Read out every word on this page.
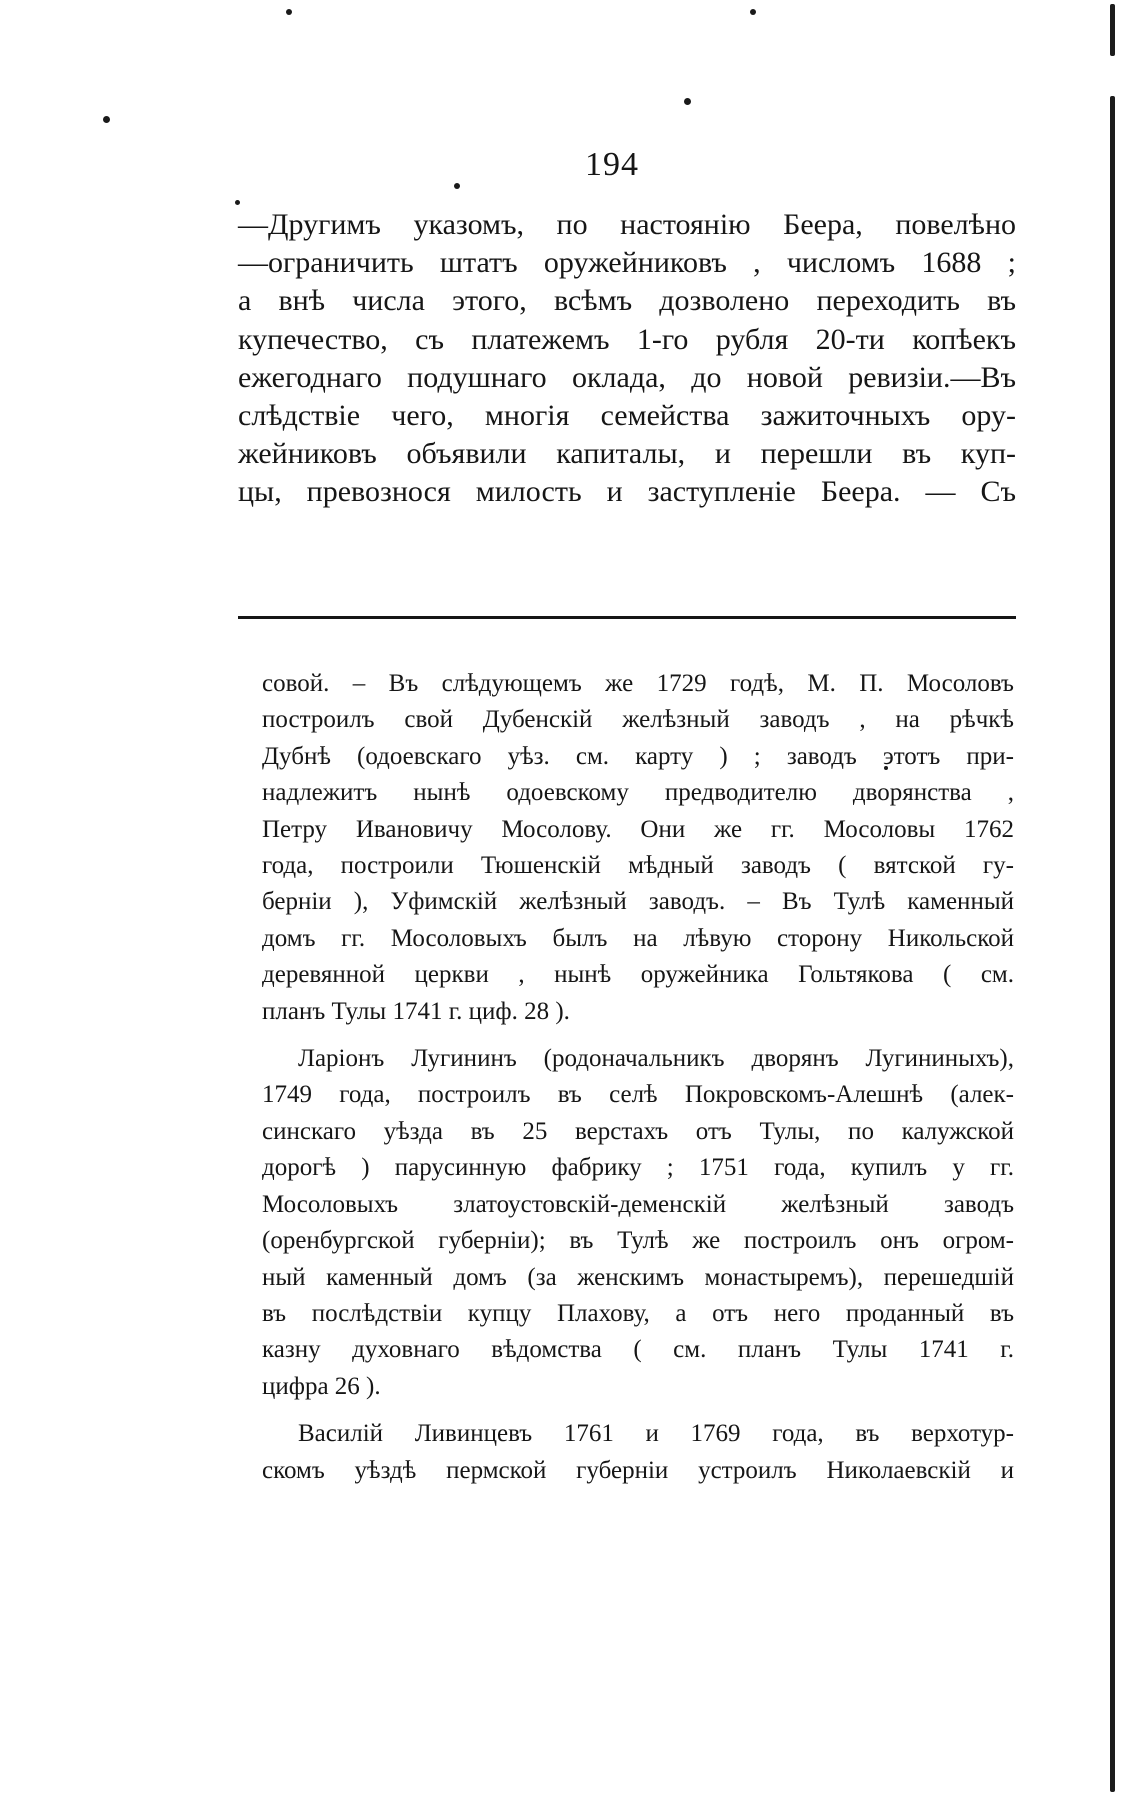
194
—Другимъ указомъ, по настоянію Беера, повелѣно
—ограничить штатъ оружейниковъ , числомъ 1688 ;
а внѣ числа этого, всѣмъ дозволено переходить въ
купечество, съ платежемъ 1-го рубля 20-ти копѣекъ
ежегоднаго подушнаго оклада, до новой ревизіи.—Въ
слѣдствіе чего, многія семейства зажиточныхъ ору-
жейниковъ объявили капиталы, и перешли въ куп-
цы, превознося милость и заступленіе Беера. — Съ
совой. – Въ слѣдующемъ же 1729 годѣ, М. П. Мосоловъ
построилъ свой Дубенскій желѣзный заводъ , на рѣчкѣ
Дубнѣ (одоевскаго уѣз. см. карту ) ; заводъ этотъ при-
надлежитъ нынѣ одоевскому предводителю дворянства ,
Петру Ивановичу Мосолову. Они же гг. Мосоловы 1762
года, построили Тюшенскій мѣдный заводъ ( вятской гу-
берніи ), Уфимскій желѣзный заводъ. – Въ Тулѣ каменный
домъ гг. Мосоловыхъ былъ на лѣвую сторону Никольской
деревянной церкви , нынѣ оружейника Гольтякова ( см.
планъ Тулы 1741 г. циф. 28 ).
Ларіонъ Лугининъ (родоначальникъ дворянъ Лугининыхъ),
1749 года, построилъ въ селѣ Покровскомъ-Алешнѣ (алек-
синскаго уѣзда въ 25 верстахъ отъ Тулы, по калужской
дорогѣ ) парусинную фабрику ; 1751 года, купилъ у гг.
Мосоловыхъ златоустовскій-деменскій желѣзный заводъ
(оренбургской губерніи); въ Тулѣ же построилъ онъ огром-
ный каменный домъ (за женскимъ монастыремъ), перешедшій
въ послѣдствіи купцу Плахову, а отъ него проданный въ
казну духовнаго вѣдомства ( см. планъ Тулы 1741 г.
цифра 26 ).
Василій Ливинцевъ 1761 и 1769 года, въ верхотур-
скомъ уѣздѣ пермской губерніи устроилъ Николаевскій и
